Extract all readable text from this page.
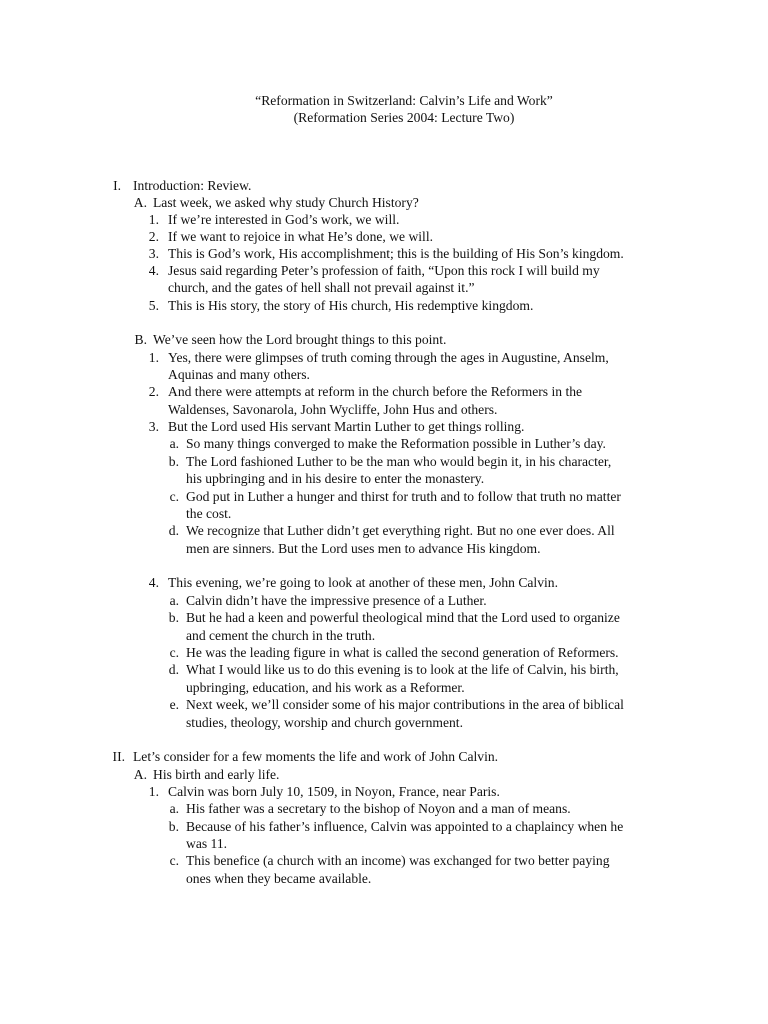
“Reformation in Switzerland: Calvin’s Life and Work”
(Reformation Series 2004: Lecture Two)
I. Introduction: Review.
A. Last week, we asked why study Church History?
1. If we’re interested in God’s work, we will.
2. If we want to rejoice in what He’s done, we will.
3. This is God’s work, His accomplishment; this is the building of His Son’s kingdom.
4. Jesus said regarding Peter’s profession of faith, “Upon this rock I will build my
church, and the gates of hell shall not prevail against it.”
5. This is His story, the story of His church, His redemptive kingdom.
B. We’ve seen how the Lord brought things to this point.
1. Yes, there were glimpses of truth coming through the ages in Augustine, Anselm,
Aquinas and many others.
2. And there were attempts at reform in the church before the Reformers in the
Waldenses, Savonarola, John Wycliffe, John Hus and others.
3. But the Lord used His servant Martin Luther to get things rolling.
a. So many things converged to make the Reformation possible in Luther’s day.
b. The Lord fashioned Luther to be the man who would begin it, in his character,
his upbringing and in his desire to enter the monastery.
c. God put in Luther a hunger and thirst for truth and to follow that truth no matter
the cost.
d. We recognize that Luther didn’t get everything right. But no one ever does. All
men are sinners. But the Lord uses men to advance His kingdom.
4. This evening, we’re going to look at another of these men, John Calvin.
a. Calvin didn’t have the impressive presence of a Luther.
b. But he had a keen and powerful theological mind that the Lord used to organize
and cement the church in the truth.
c. He was the leading figure in what is called the second generation of Reformers.
d. What I would like us to do this evening is to look at the life of Calvin, his birth,
upbringing, education, and his work as a Reformer.
e. Next week, we’ll consider some of his major contributions in the area of biblical
studies, theology, worship and church government.
II. Let’s consider for a few moments the life and work of John Calvin.
A. His birth and early life.
1. Calvin was born July 10, 1509, in Noyon, France, near Paris.
a. His father was a secretary to the bishop of Noyon and a man of means.
b. Because of his father’s influence, Calvin was appointed to a chaplaincy when he
was 11.
c. This benefice (a church with an income) was exchanged for two better paying
ones when they became available.
